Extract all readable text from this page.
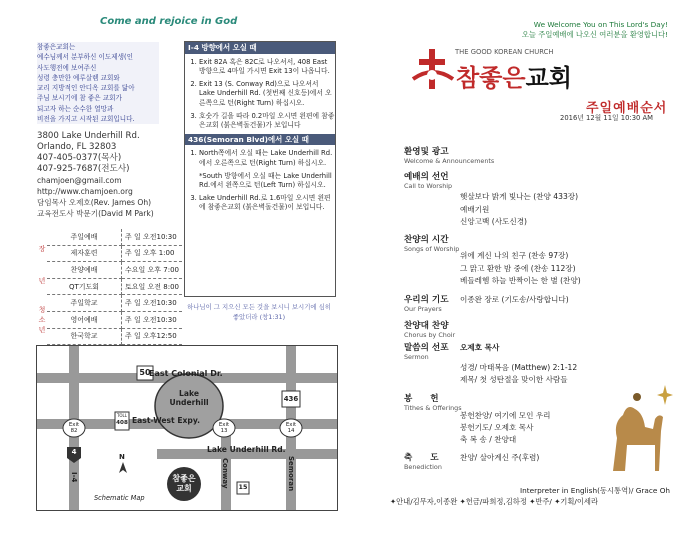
Come and rejoice in God
참좋은교회는
예수님께서 분부하신 이도제생(인
사도행전에 보여주신
성령 충만한 예루살렘 교회와
교리 지방적인 안디옥 교회를 닮아
주님 보시기에 참 좋은 교회가
되고자 하는 순수한 열망과
비전을 가지고 시작된 교회입니다.
3800 Lake Underhill Rd.
Orlando, FL 32803
407-405-0377(목사)
407-925-7687(전도사)
chamjoen@gmail.com
http://www.chamjoen.org
담임목사 오제호(Rev. James Oh)
교육전도사 박문기(David M Park)
장
년	주일예배	주 일 오전10:30
	제자훈련	주 일 오후 1:00
	찬양예배	수요일 오후 7:00
	QT기도회	토요일 오전 8:00

청
소
년	주일학교	주 일 오전10:30
	영어예배	주 일 오전10:30
	한국학교	주 일 오후12:50
I-4 방향에서 오실 때
1. Exit 82A 혹은 82C로 나오셔서, 408 East 방향으로 4마일 가시면 Exit 13이 나옵니다.
2. Exit 13 (S. Conway Rd)으로 나오셔서 Lake Underhill Rd. (첫번째 신호등)에서 오른쪽으로 턴(Right Turn) 하십시오.
3. 호숫가 길을 따라 0.2마일 오시면 왼편에 참좋은교회 (붉은벽돌건물)가 보입니다
436(Semoran Blvd)에서 오실 때
1. North쪽에서 오실 때는 Lake Underhill Rd.에서 오른쪽으로 턴(Right Turn) 하십시오.
*South 방향에서 오실 때는 Lake Underhill Rd.에서 왼쪽으로 턴(Left Turn) 하십시오.
3. Lake Underhill Rd.로 1.6마일 오시면 왼편에 참좋은교회 (붉은벽돌건물)이 보입니다.
하나님이 그 지으신 모든 것을 보시니 보시기에 심히 좋았더라 (창1:31)
East Colonial Dr.
Lake Underhill
East-West Expy.
Lake Underhill Rd.
Semoran
Conway
I-4	참좋은 교회
N
Schematic Map
Exit 82
Exit 13
Exit 14
50
436
4
TOLL
408
15
We Welcome You on This Lord's Day!
오늘 주일예배에 나오신 여러분을 환영합니다!
THE GOOD KOREAN CHURCH
참좋은교회
주일예배순서
2016년 12월 11일 10:30 AM
환영및 광고
Welcome & Announcements
예배의 선언
Call to Worship
햇살보다 밝게 빛나는 (찬양 433장)
예배기원
신앙고백 (사도신경)
찬양의 시간
Songs of Worship
위에 계신 나의 친구 (찬송 97장)
그 맑고 환한 밤 중에 (찬송 112장)
베들레헴 하늘 반짝이는 한 별 (찬양)
우리의 기도
Our Prayers
이종완 장로 (기도송/사랑합니다)
찬양대 찬양
Chorus by Choir
말씀의 선포
Sermon
오제호 목사
성경/ 마태복음 (Matthew) 2:1-12
제목/ 첫 성탄절을 맞이한 사람들
봉      헌
Tithes & Offerings
봉헌찬양/ 여기에 모인 우리
봉헌기도/ 오제호 목사
축 복 송 / 찬양대
축      도
Benediction
찬양/ 살아계신 주(후렴)
Interpreter in English(동시통역)/ Grace Oh
✦안내/김무자,이종완 ✦헌금/파희정,김하정 ✦반주/ ✦기획/이세라
